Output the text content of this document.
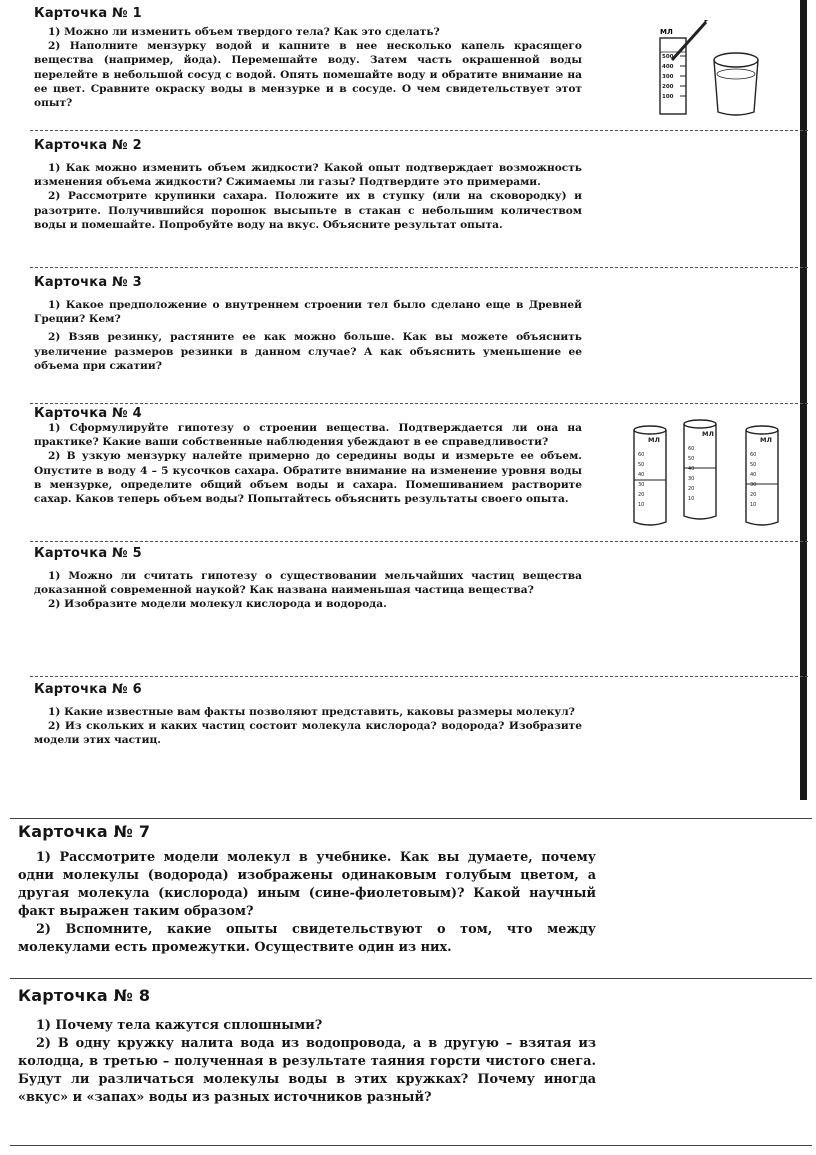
Карточка № 1

1) Можно ли изменить объем твердого тела? Как это сделать?

2) Наполните мензурку водой и капните в нее несколько капель красящего вещества (например, йода). Перемешайте воду. Затем часть окрашенной воды перелейте в небольшой сосуд с водой. Опять помешайте воду и обратите внимание на ее цвет. Сравните окраску воды в мензурке и в сосуде. О чем свидетельствует этот опыт?

МЛ
500
400
300
200
100
Карточка № 2

1) Как можно изменить объем жидкости? Какой опыт подтверждает возможность изменения объема жидкости? Сжимаемы ли газы? Подтвердите это примерами.

2) Рассмотрите крупинки сахара. Положите их в ступку (или на сковородку) и разотрите. Получившийся порошок высыпьте в стакан с небольшим количеством воды и помешайте. Попробуйте воду на вкус. Объясните результат опыта.

Карточка № 3

1) Какое предположение о внутреннем строении тел было сделано еще в Древней Греции? Кем?

2) Взяв резинку, растяните ее как можно больше. Как вы можете объяснить увеличение размеров резинки в данном случае? А как объяснить уменьшение ее объема при сжатии?

Карточка № 4

1) Сформулируйте гипотезу о строении вещества. Подтверждается ли она на практике? Какие ваши собственные наблюдения убеждают в ее справедливости?

2) В узкую мензурку налейте примерно до середины воды и измерьте ее объем. Опустите в воду 4 – 5 кусочков сахара. Обратите внимание на изменение уровня воды в мензурке, определите общий объем воды и сахара. Помешиванием растворите сахар. Каков теперь объем воды? Попытайтесь объяснить результаты своего опыта.

МЛ
МЛ
МЛ
60
50
40
30
20
10
60
50
40
30
20
10
60
50
40
30
20
10
Карточка № 5

1) Можно ли считать гипотезу о существовании мельчайших частиц вещества доказанной современной наукой? Как названа наименьшая частица вещества?

2) Изобразите модели молекул кислорода и водорода.

Карточка № 6

1) Какие известные вам факты позволяют представить, каковы размеры молекул?

2) Из скольких и каких частиц состоит молекула кислорода? водорода? Изобразите модели этих частиц.

Карточка № 7

1) Рассмотрите модели молекул в учебнике. Как вы думаете, почему одни молекулы (водорода) изображены одинаковым голубым цветом, а другая молекула (кислорода) иным (сине-фиолетовым)? Какой научный факт выражен таким образом?

2) Вспомните, какие опыты свидетельствуют о том, что между молекулами есть промежутки. Осуществите один из них.

Карточка № 8

1) Почему тела кажутся сплошными?

2) В одну кружку налита вода из водопровода, а в другую – взятая из колодца, в третью – полученная в результате таяния горсти чистого снега. Будут ли различаться молекулы воды в этих кружках? Почему иногда «вкус» и «запах» воды из разных источников разный?
